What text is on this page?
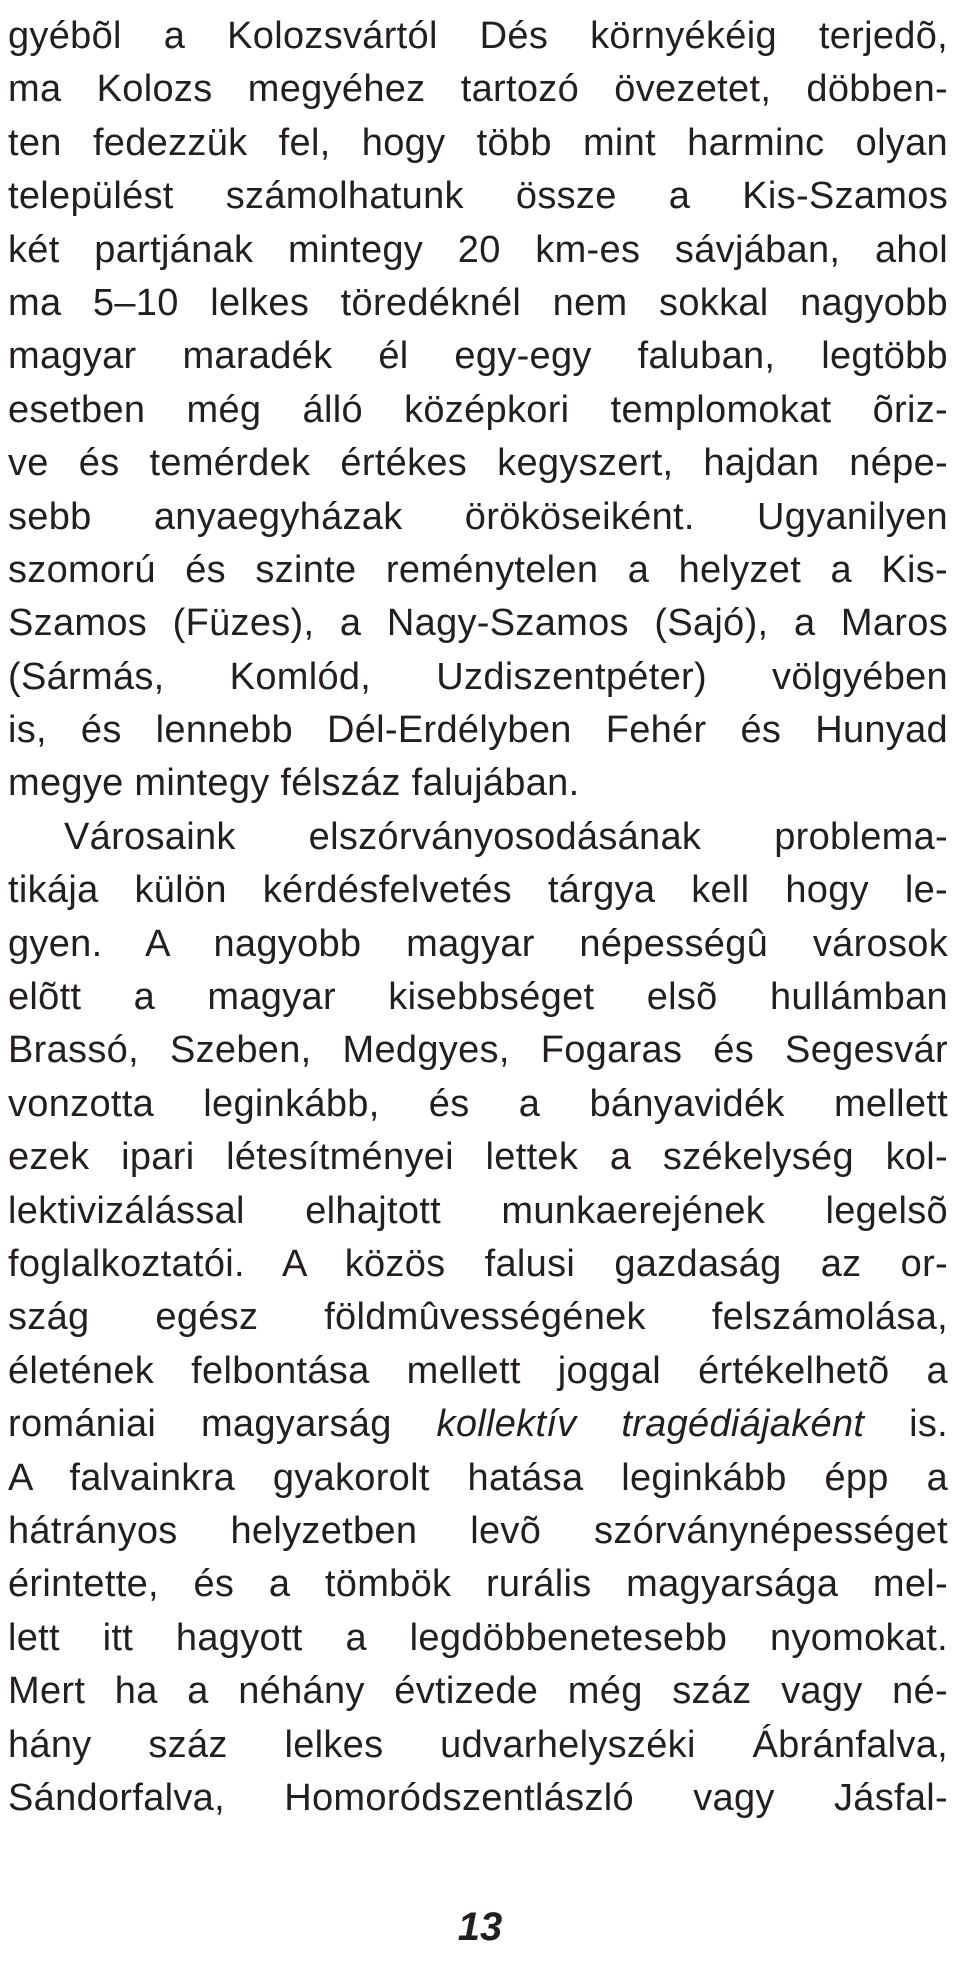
gyébõl a Kolozsvártól Dés környékéig terjedõ,
ma Kolozs megyéhez tartozó övezetet, döbben-
ten fedezzük fel, hogy több mint harminc olyan
települést számolhatunk össze a Kis-Szamos
két partjának mintegy 20 km-es sávjában, ahol
ma 5–10 lelkes töredéknél nem sokkal nagyobb
magyar maradék él egy-egy faluban, legtöbb
esetben még álló középkori templomokat õriz-
ve és temérdek értékes kegyszert, hajdan népe-
sebb anyaegyházak örököseiként. Ugyanilyen
szomorú és szinte reménytelen a helyzet a Kis-
Szamos (Füzes), a Nagy-Szamos (Sajó), a Maros
(Sármás, Komlód, Uzdiszentpéter) völgyében
is, és lennebb Dél-Erdélyben Fehér és Hunyad
megye mintegy félszáz falujában.
Városaink elszórványosodásának problema-
tikája külön kérdésfelvetés tárgya kell hogy le-
gyen. A nagyobb magyar népességû városok
elõtt a magyar kisebbséget elsõ hullámban
Brassó, Szeben, Medgyes, Fogaras és Segesvár
vonzotta leginkább, és a bányavidék mellett
ezek ipari létesítményei lettek a székelység kol-
lektivizálással elhajtott munkaerejének legelsõ
foglalkoztatói. A közös falusi gazdaság az or-
szág egész földmûvességének felszámolása,
életének felbontása mellett joggal értékelhetõ a
romániai magyarság kollektív tragédiájaként is.
A falvainkra gyakorolt hatása leginkább épp a
hátrányos helyzetben levõ szórványnépességet
érintette, és a tömbök rurális magyarsága mel-
lett itt hagyott a legdöbbenetesebb nyomokat.
Mert ha a néhány évtizede még száz vagy né-
hány száz lelkes udvarhelyszéki Ábránfalva,
Sándorfalva, Homoródszentlászló vagy Jásfal-
13
